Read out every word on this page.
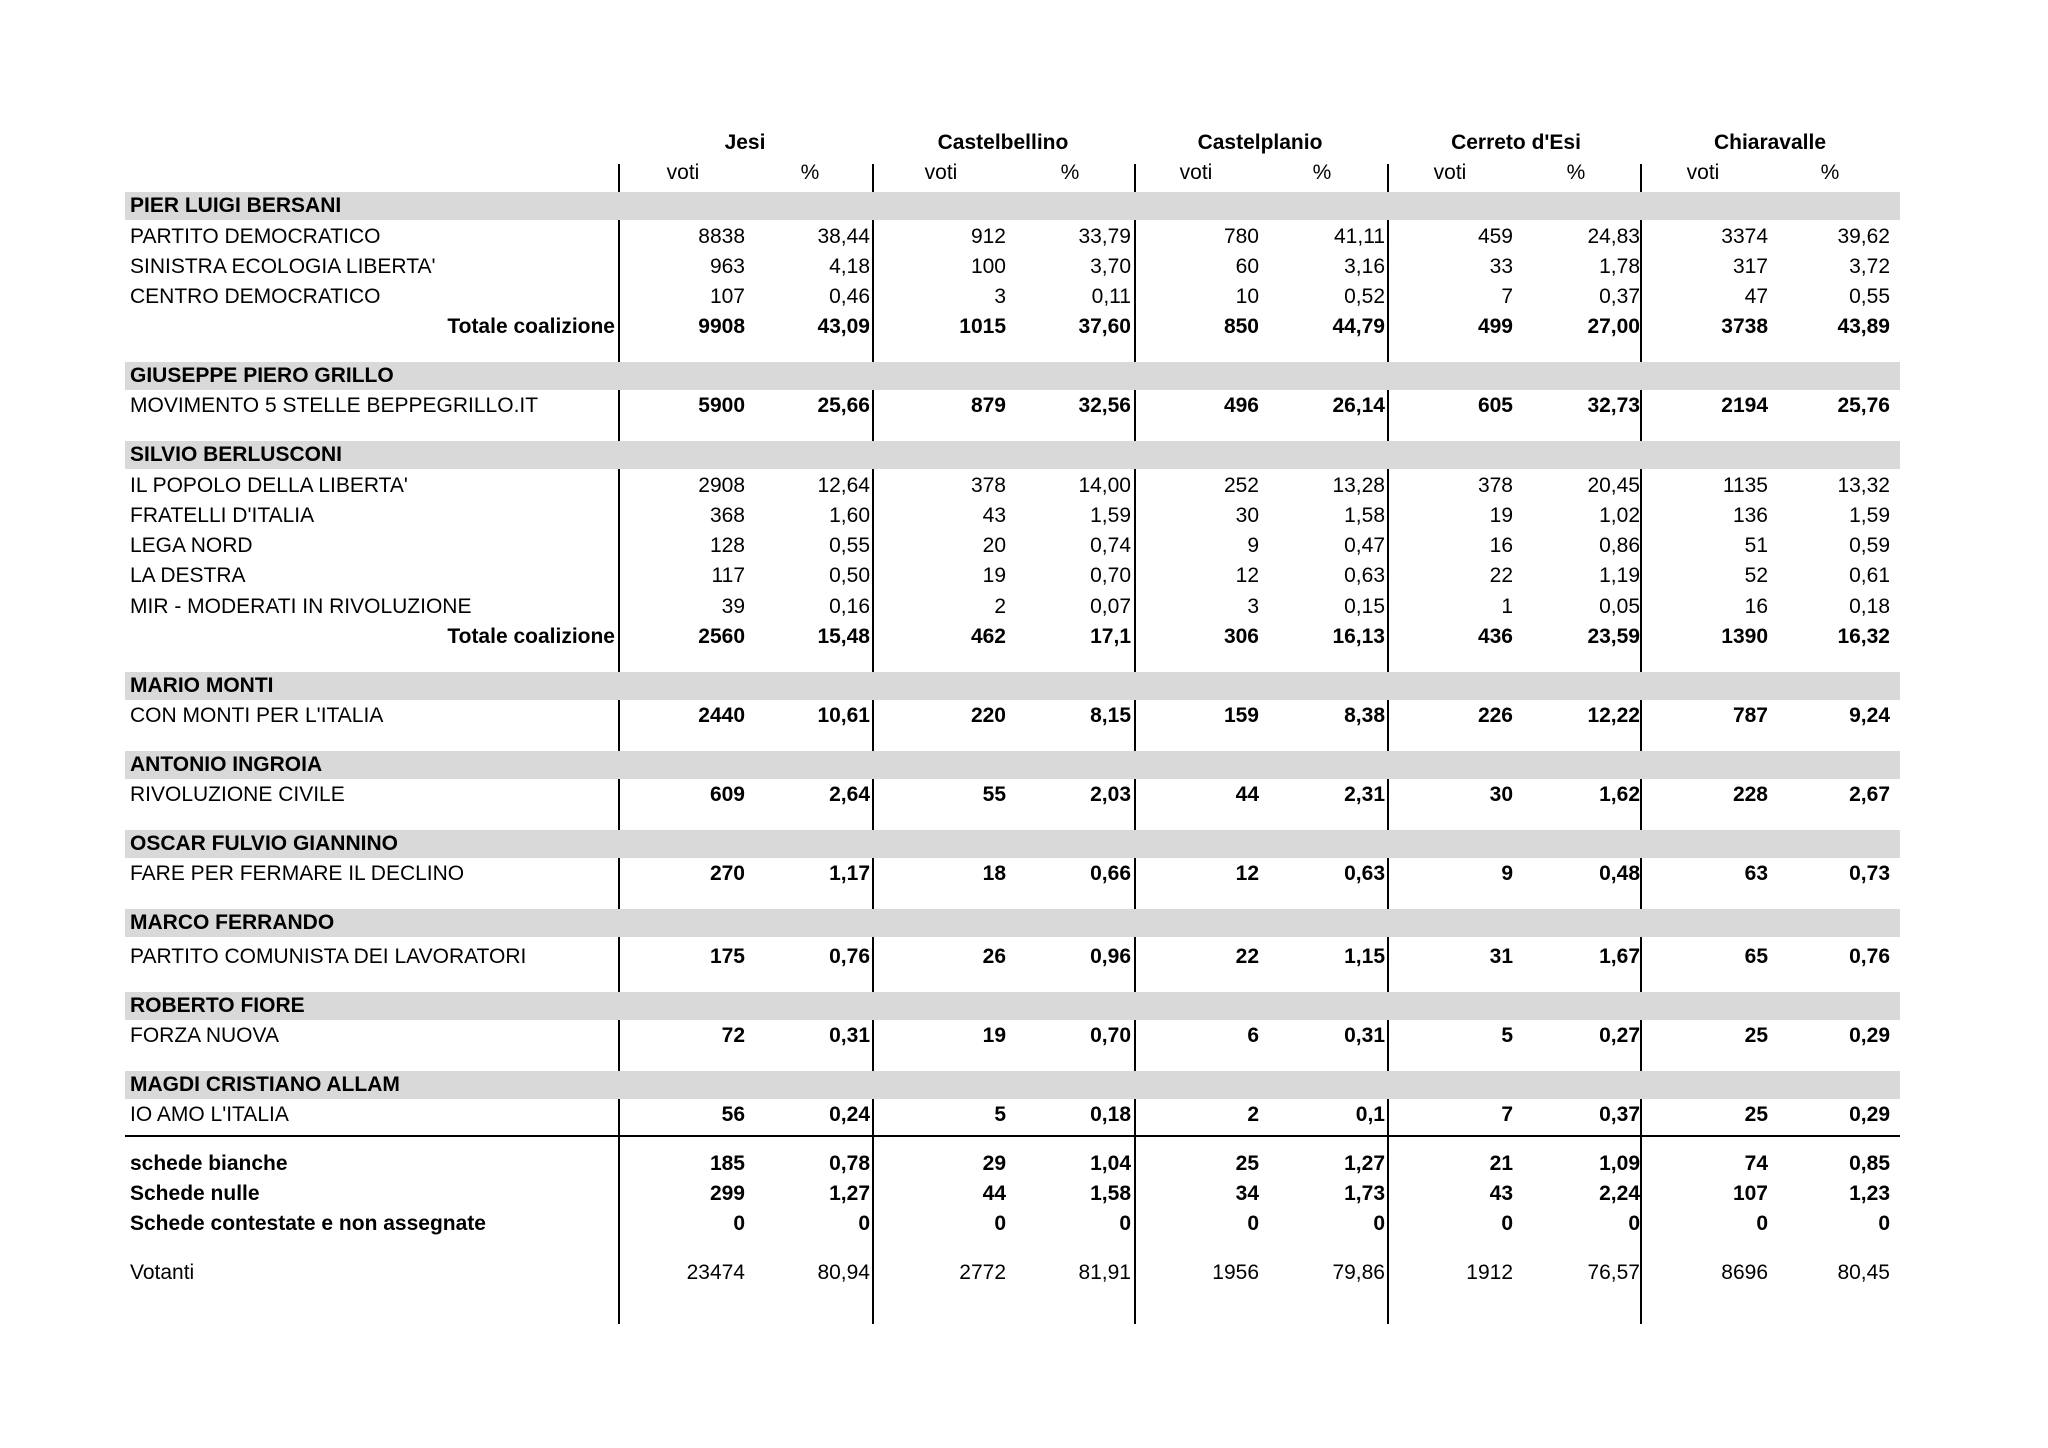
Jesi
voti	%
Castelbellino
voti	%
Castelplanio
voti	%
Cerreto d'Esi
voti	%
Chiaravalle
voti	%
PIER LUIGI BERSANI
PARTITO DEMOCRATICO	8838	38,44	912	33,79	780	41,11	459	24,83	3374	39,62
SINISTRA ECOLOGIA LIBERTA'	963	4,18	100	3,70	60	3,16	33	1,78	317	3,72
CENTRO DEMOCRATICO	107	0,46	3	0,11	10	0,52	7	0,37	47	0,55
Totale coalizione	9908	43,09	1015	37,60	850	44,79	499	27,00	3738	43,89
GIUSEPPE PIERO GRILLO
MOVIMENTO 5 STELLE BEPPEGRILLO.IT	5900	25,66	879	32,56	496	26,14	605	32,73	2194	25,76
SILVIO BERLUSCONI
IL POPOLO DELLA LIBERTA'	2908	12,64	378	14,00	252	13,28	378	20,45	1135	13,32
FRATELLI D'ITALIA	368	1,60	43	1,59	30	1,58	19	1,02	136	1,59
LEGA NORD	128	0,55	20	0,74	9	0,47	16	0,86	51	0,59
LA DESTRA	117	0,50	19	0,70	12	0,63	22	1,19	52	0,61
MIR - MODERATI IN RIVOLUZIONE	39	0,16	2	0,07	3	0,15	1	0,05	16	0,18
Totale coalizione	2560	15,48	462	17,1	306	16,13	436	23,59	1390	16,32
MARIO MONTI
CON MONTI PER L'ITALIA	2440	10,61	220	8,15	159	8,38	226	12,22	787	9,24
ANTONIO INGROIA
RIVOLUZIONE CIVILE	609	2,64	55	2,03	44	2,31	30	1,62	228	2,67
OSCAR FULVIO GIANNINO
FARE PER FERMARE IL DECLINO	270	1,17	18	0,66	12	0,63	9	0,48	63	0,73
MARCO FERRANDO
PARTITO COMUNISTA DEI LAVORATORI	175	0,76	26	0,96	22	1,15	31	1,67	65	0,76
ROBERTO FIORE
FORZA NUOVA	72	0,31	19	0,70	6	0,31	5	0,27	25	0,29
MAGDI CRISTIANO ALLAM
IO AMO L'ITALIA	56	0,24	5	0,18	2	0,1	7	0,37	25	0,29
schede bianche	185	0,78	29	1,04	25	1,27	21	1,09	74	0,85
Schede nulle	299	1,27	44	1,58	34	1,73	43	2,24	107	1,23
Schede contestate e non assegnate	0	0	0	0	0	0	0	0	0	0
Votanti	23474	80,94	2772	81,91	1956	79,86	1912	76,57	8696	80,45
